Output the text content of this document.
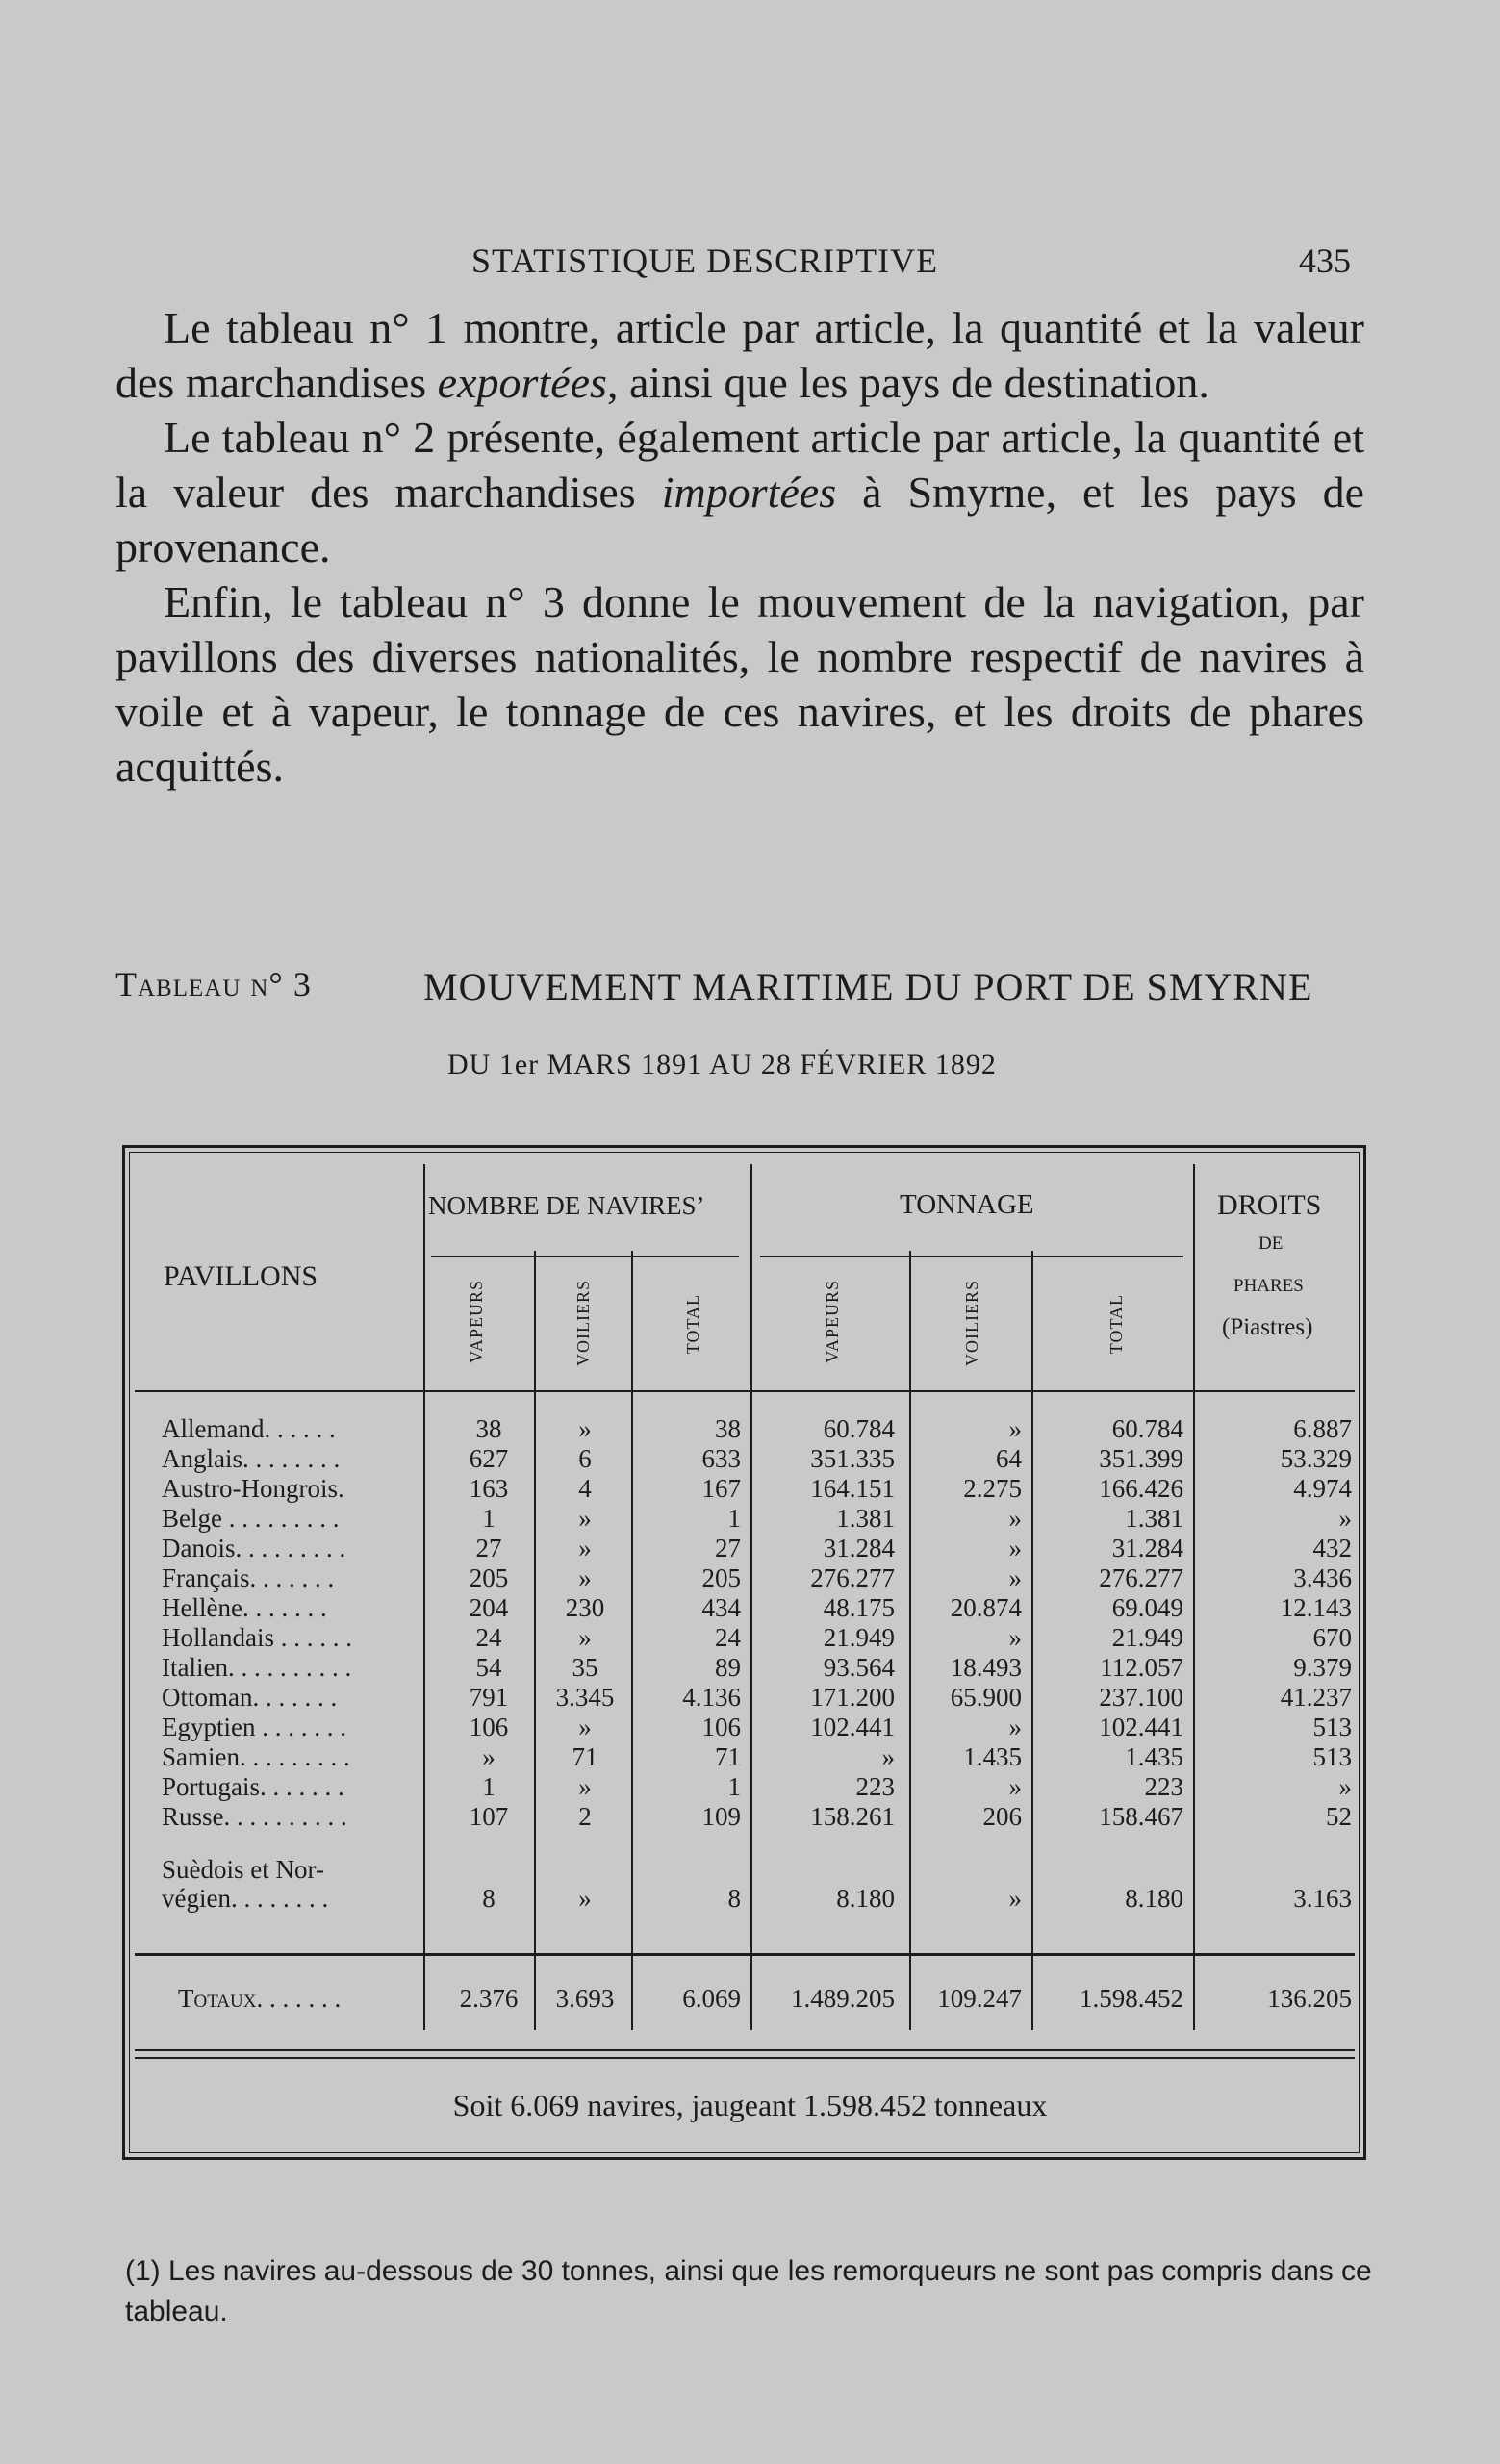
STATISTIQUE DESCRIPTIVE	435

Le tableau n° 1 montre, article par article, la quantité et la valeur des marchandises exportées, ainsi que les pays de destination.

Le tableau n° 2 présente, également article par article, la quantité et la valeur des marchandises importées à Smyrne, et les pays de provenance.

Enfin, le tableau n° 3 donne le mouvement de la navigation, par pavillons des diverses nationalités, le nombre respectif de navires à voile et à vapeur, le tonnage de ces navires, et les droits de phares acquittés.

Tableau n° 3	MOUVEMENT MARITIME DU PORT DE SMYRNE
DU 1er MARS 1891 AU 28 FÉVRIER 1892
PAVILLONS
NOMBRE DE NAVIRES’	TONNAGE	DROITS
DE
PHARES
(Piastres)
VAPEURS	VOILIERS	TOTAL	VAPEURS	VOILIERS	TOTAL
Allemand. . . . . .	38	»	38	60.784	»	60.784	6.887
Anglais. . . . . . . .	627	6	633	351.335	64	351.399	53.329
Austro-Hongrois.	163	4	167	164.151	2.275	166.426	4.974
Belge . . . . . . . . .	1	»	1	1.381	»	1.381	»
Danois. . . . . . . . .	27	»	27	31.284	»	31.284	432
Français. . . . . . .	205	»	205	276.277	»	276.277	3.436
Hellène. . . . . . .	204	230	434	48.175	20.874	69.049	12.143
Hollandais . . . . . .	24	»	24	21.949	»	21.949	670
Italien. . . . . . . . . .	54	35	89	93.564	18.493	112.057	9.379
Ottoman. . . . . . .	791	3.345	4.136	171.200	65.900	237.100	41.237
Egyptien . . . . . . .	106	»	106	102.441	»	102.441	513
Samien. . . . . . . . .	»	71	71	»	1.435	1.435	513
Portugais. . . . . . .	1	»	1	223	»	223	»
Russe. . . . . . . . . .	107	2	109	158.261	206	158.467	52
Suèdois et Nor-
végien. . . . . . . .	8	»	8	8.180	»	8.180	3.163
Totaux. . . . . . .	2.376	3.693	6.069	1.489.205	109.247	1.598.452	136.205
Soit 6.069 navires, jaugeant 1.598.452 tonneaux
(1) Les navires au-dessous de 30 tonnes, ainsi que les remorqueurs ne sont pas compris dans ce tableau.
